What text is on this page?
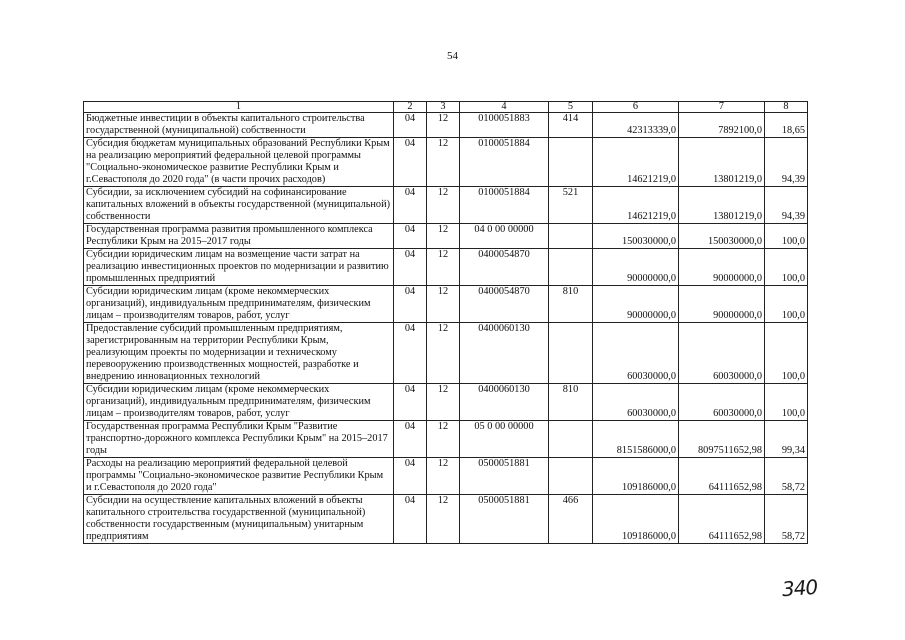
54
1	2	3	4	5	6	7	8
Бюджетные инвестиции в объекты капитального строительства государственной (муниципальной) собственности	04	12	0100051883	414	42313339,0	7892100,0	18,65
Субсидия бюджетам муниципальных образований Республики Крым на реализацию мероприятий федеральной целевой программы "Социально-экономическое развитие Республики Крым и г.Севастополя до 2020 года" (в части прочих расходов)	04	12	0100051884		14621219,0	13801219,0	94,39
Субсидии, за исключением субсидий на софинансирование капитальных вложений в объекты государственной (муниципальной) собственности	04	12	0100051884	521	14621219,0	13801219,0	94,39
Государственная программа развития промышленного комплекса Республики Крым на 2015–2017 годы	04	12	04 0 00 00000		150030000,0	150030000,0	100,0
Субсидии юридическим лицам на возмещение части затрат на реализацию инвестиционных проектов по модернизации и развитию промышленных предприятий	04	12	0400054870		90000000,0	90000000,0	100,0
Субсидии юридическим лицам (кроме некоммерческих организаций), индивидуальным предпринимателям, физическим лицам – производителям товаров, работ, услуг	04	12	0400054870	810	90000000,0	90000000,0	100,0
Предоставление субсидий промышленным предприятиям, зарегистрированным на территории Республики Крым, реализующим проекты по модернизации и техническому перевооружению производственных мощностей, разработке и внедрению инновационных технологий	04	12	0400060130		60030000,0	60030000,0	100,0
Субсидии юридическим лицам (кроме некоммерческих организаций), индивидуальным предпринимателям, физическим лицам – производителям товаров, работ, услуг	04	12	0400060130	810	60030000,0	60030000,0	100,0
Государственная программа Республики Крым "Развитие транспортно-дорожного комплекса Республики Крым" на 2015–2017 годы	04	12	05 0 00 00000		8151586000,0	8097511652,98	99,34
Расходы на реализацию мероприятий федеральной целевой программы "Социально-экономическое развитие Республики Крым и г.Севастополя до 2020 года"	04	12	0500051881		109186000,0	64111652,98	58,72
Субсидии на осуществление капитальных вложений в объекты капитального строительства государственной (муниципальной) собственности государственным (муниципальным) унитарным предприятиям	04	12	0500051881	466	109186000,0	64111652,98	58,72
340
